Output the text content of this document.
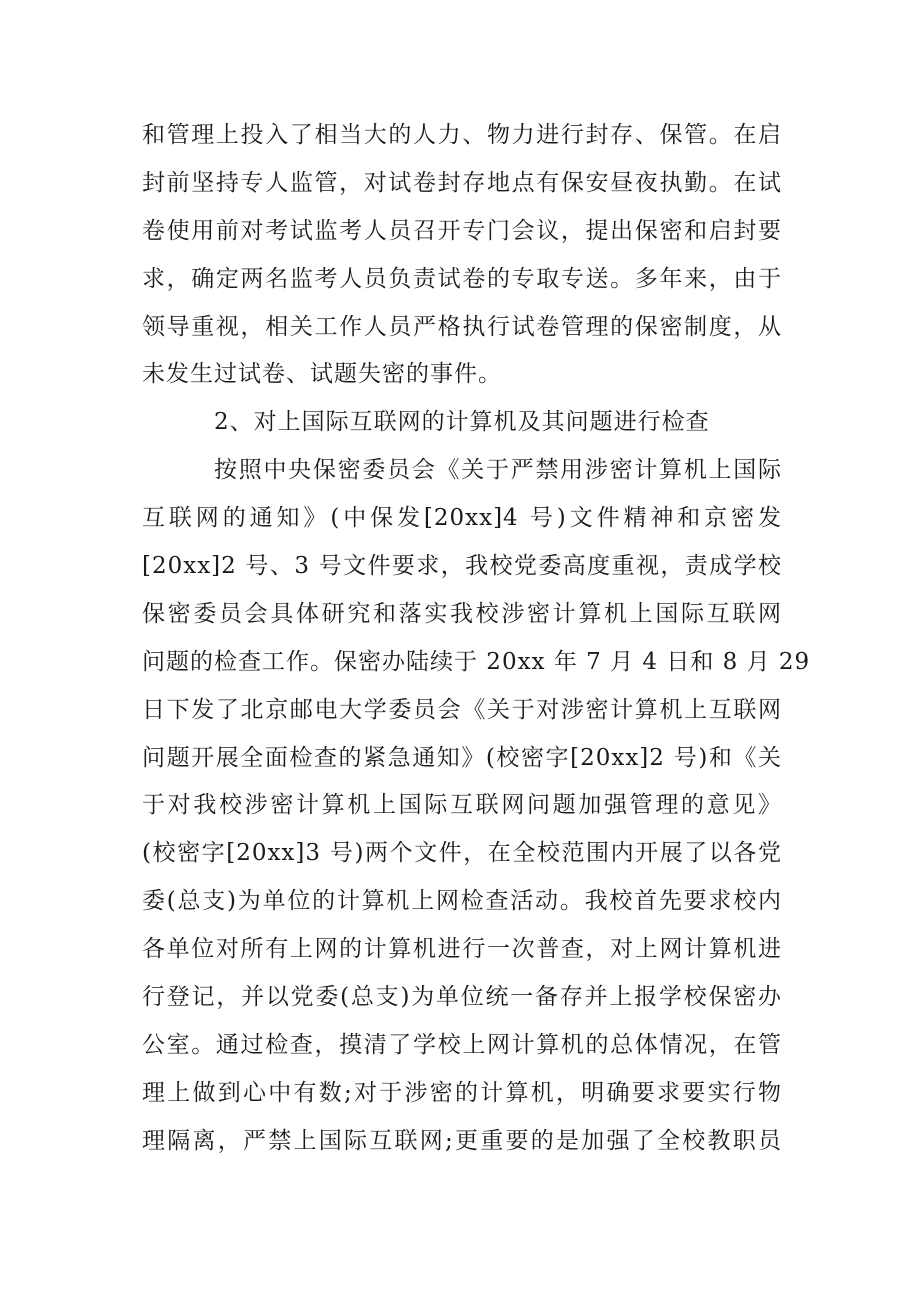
和管理上投入了相当大的人力、物力进行封存、保管。在启
封前坚持专人监管，对试卷封存地点有保安昼夜执勤。在试
卷使用前对考试监考人员召开专门会议，提出保密和启封要
求，确定两名监考人员负责试卷的专取专送。多年来，由于
领导重视，相关工作人员严格执行试卷管理的保密制度，从
未发生过试卷、试题失密的事件。
2、对上国际互联网的计算机及其问题进行检查
按照中央保密委员会《关于严禁用涉密计算机上国际
互联网的通知》(中保发[20xx]4 号)文件精神和京密发
[20xx]2 号、3 号文件要求，我校党委高度重视，责成学校
保密委员会具体研究和落实我校涉密计算机上国际互联网
问题的检查工作。保密办陆续于 20xx 年 7 月 4 日和 8 月 29
日下发了北京邮电大学委员会《关于对涉密计算机上互联网
问题开展全面检查的紧急通知》(校密字[20xx]2 号)和《关
于对我校涉密计算机上国际互联网问题加强管理的意见》
(校密字[20xx]3 号)两个文件，在全校范围内开展了以各党
委(总支)为单位的计算机上网检查活动。我校首先要求校内
各单位对所有上网的计算机进行一次普查，对上网计算机进
行登记，并以党委(总支)为单位统一备存并上报学校保密办
公室。通过检查，摸清了学校上网计算机的总体情况，在管
理上做到心中有数;对于涉密的计算机，明确要求要实行物
理隔离，严禁上国际互联网;更重要的是加强了全校教职员
